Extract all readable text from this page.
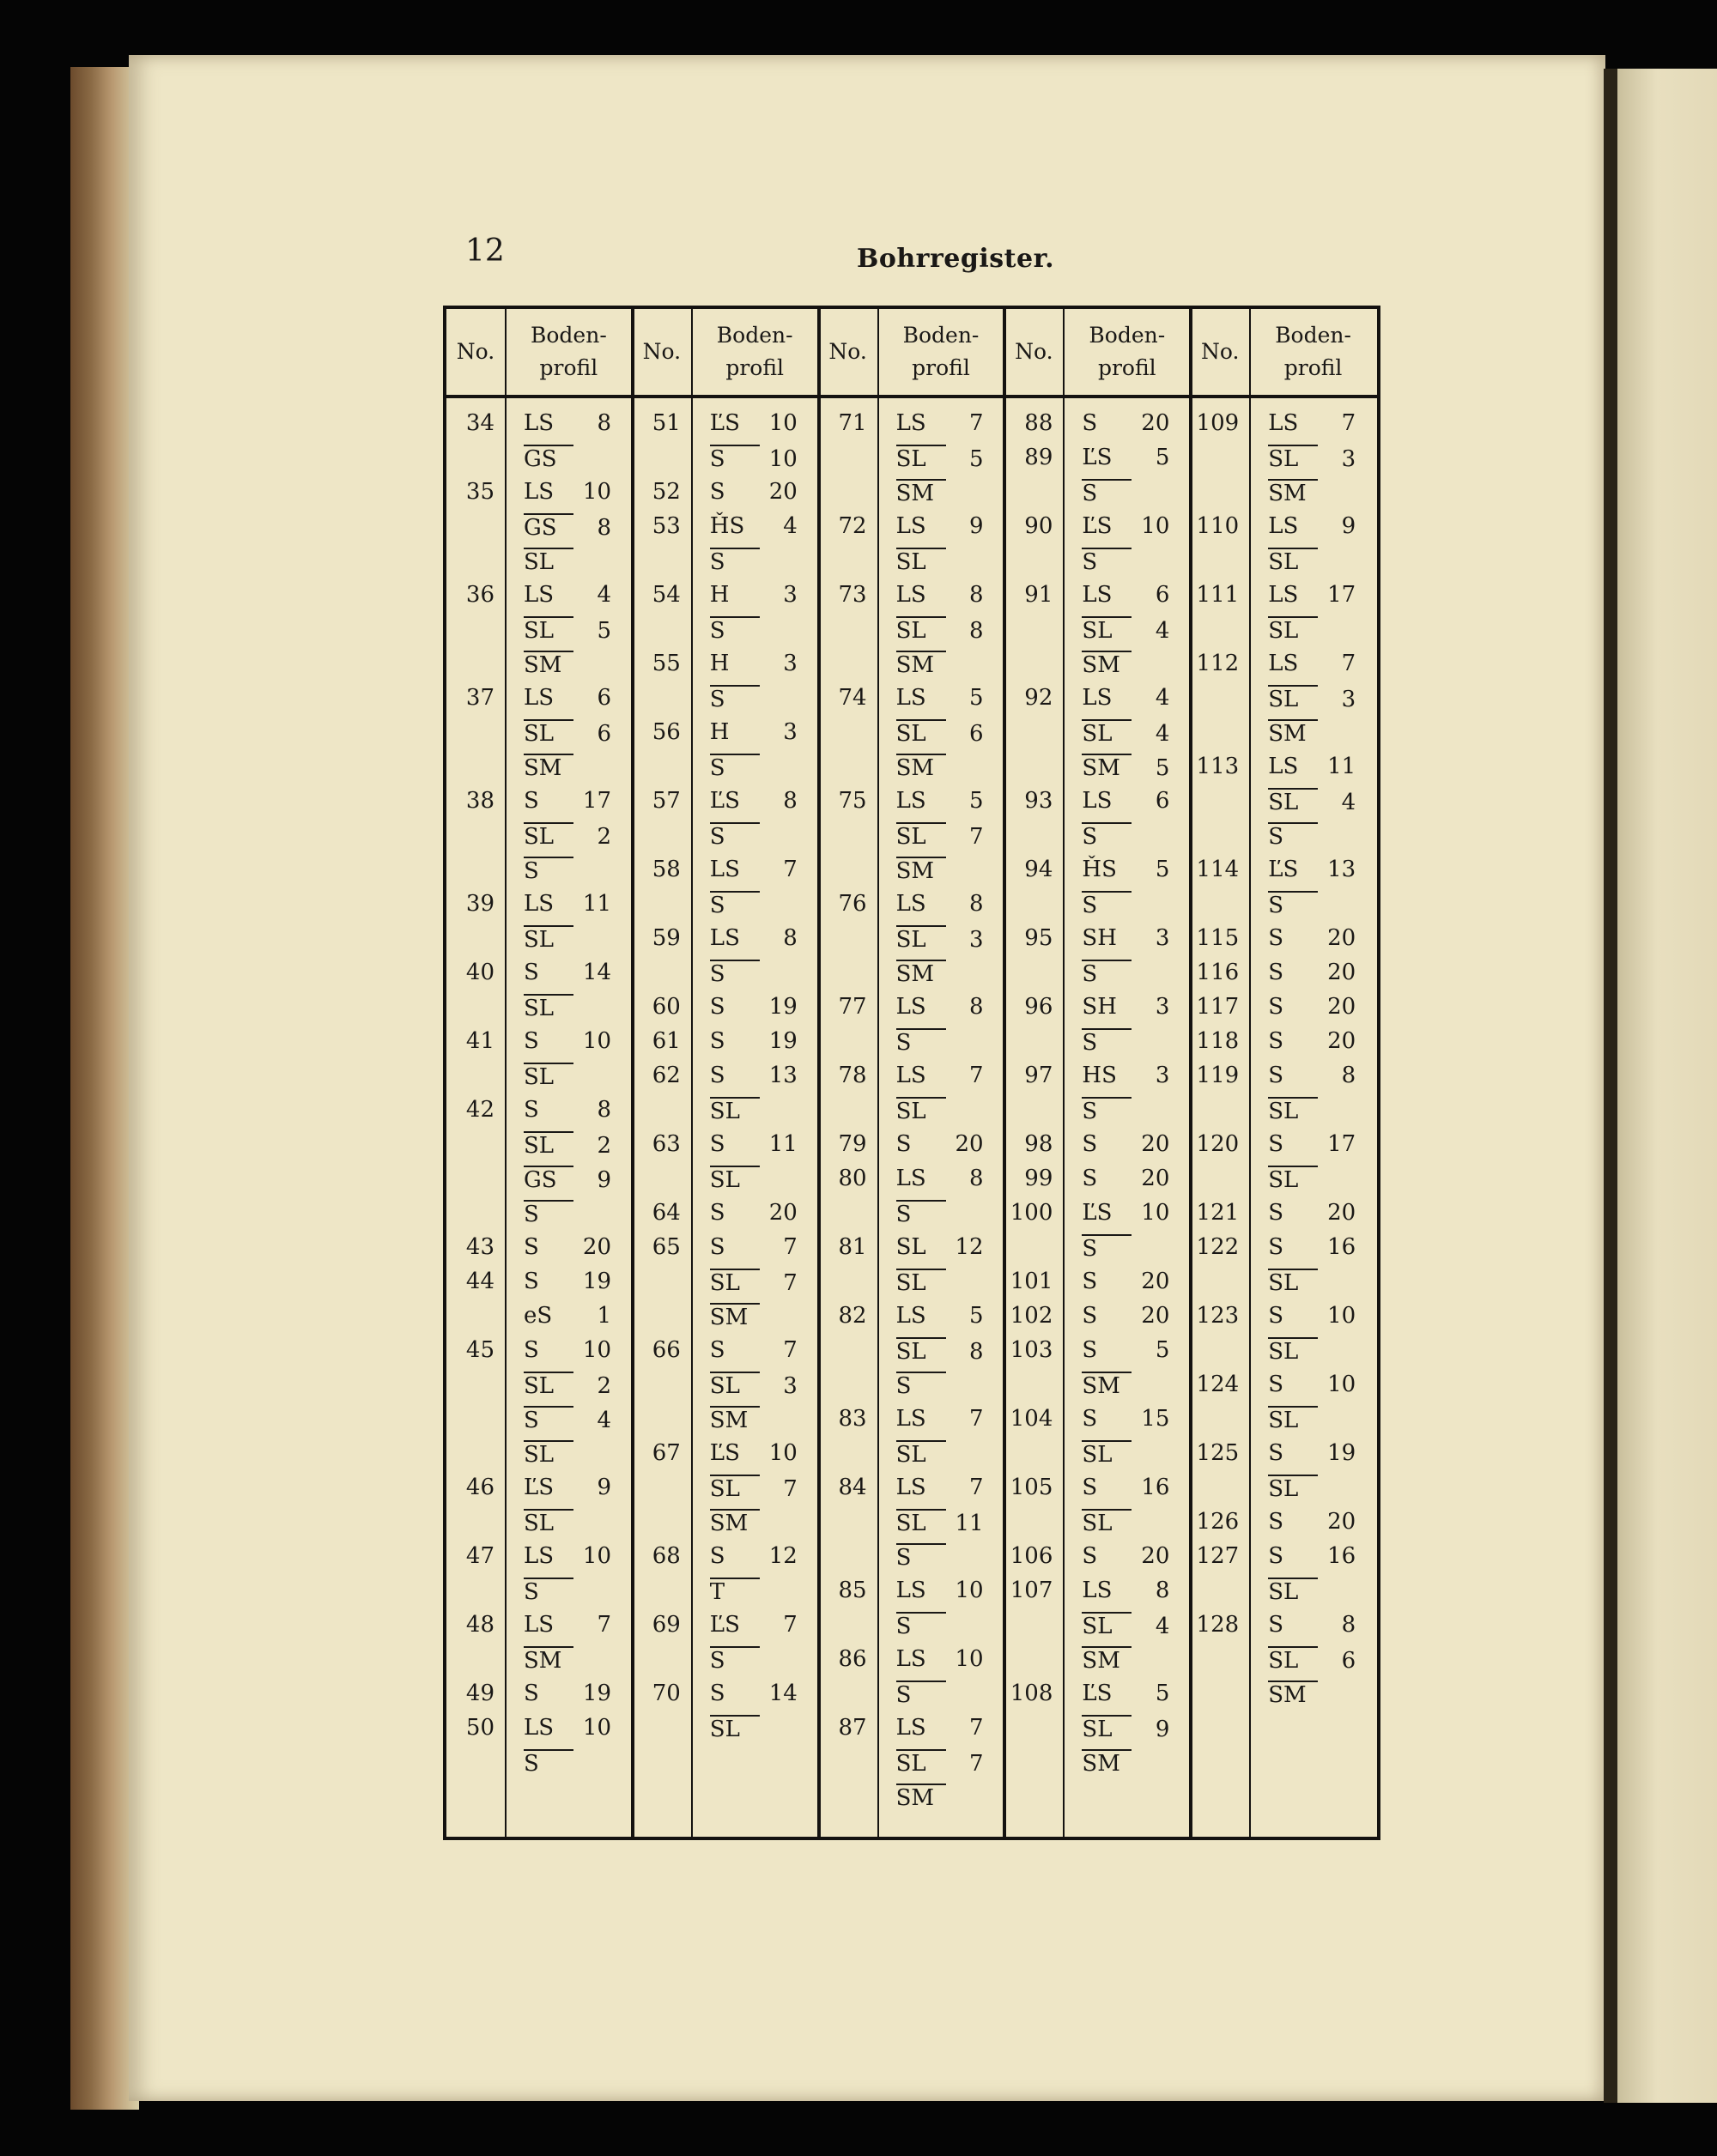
12	Bohrregister.
No.
Boden-
profil
34 LS 8
GS
35 LS 10
GS 8
SL
36 LS 4
SL 5
SM
37 LS 6
SL 6
SM
38 S 17
SL 2
S
39 LS 11
SL
40 S 14
SL
41 S 10
SL
42 S	8
SL 2
GS 9
S
43 S 20
44 S 19
eS 1
45 S 10
SL 2
S	4
SL
46 ĽS 9
SL
47 LS 10
S
48 LS 7
SM
49 S 19
50 LS 10
S
No.
Boden-
profil
51 ĽS 10
S 10
52 S 20
53 ȞS 4
S
54 H 3
S
55 H 3
S
56 H 3
S
57 ĽS 8
S
58 LS 7
S
59 LS 8
S
60 S 19
61 S 19
62 S 13
SL
63 S 11
SL
64 S 20
65 S	7
SL 7
SM
66 S	7
SL 3
SM
67 ĽS 10
SL 7
SM
68 S 12
T
69 ĽS 7
S
70 S 14
SL
No.
Boden-
profil
71 LS 7
SL 5
SM
72 LS 9
SL
73 LS 8
SL 8
SM
74 LS 5
SL 6
SM
75 LS 5
SL 7
SM
76 LS 8
SL 3
SM
77 LS 8
S
78 LS 7
SL
79 S 20
80 LS 8
S
81 SL 12
SL
82 LS 5
SL 8
S
83 LS 7
SL
84 LS 7
SL 11
S
85 LS 10
S
86 LS 10
S
87 LS 7
SL 7
SM
No.
Boden-
profil
88 S 20
89 ĽS 5
S
90 ĽS 10
S
91 LS 6
SL 4
SM
92 LS 4
SL 4
SM 5
93 LS 6
S
94 ȞS 5
S
95 SH 3
S
96 SH 3
S
97 HS 3
S
98 S 20
99 S 20
100 ĽS 10
S
101 S 20
102 S 20
103 S	5
SM
104 S 15
SL
105 S 16
SL
106 S 20
107 LS 8
SL 4
SM
108 ĽS 5
SL 9
SM
No.
Boden-
profil
109 LS 7
SL 3
SM
110 LS 9
SL
111 LS 17
SL
112 LS 7
SL 3
SM
113 LS 11
SL 4
S
114 ĽS 13
S
115 S 20
116 S 20
117 S 20
118 S 20
119 S	8
SL
120 S 17
SL
121 S 20
122 S 16
SL
123 S 10
SL
124 S 10
SL
125 S 19
SL
126 S 20
127 S 16
SL
128 S	8
SL 6
SM
